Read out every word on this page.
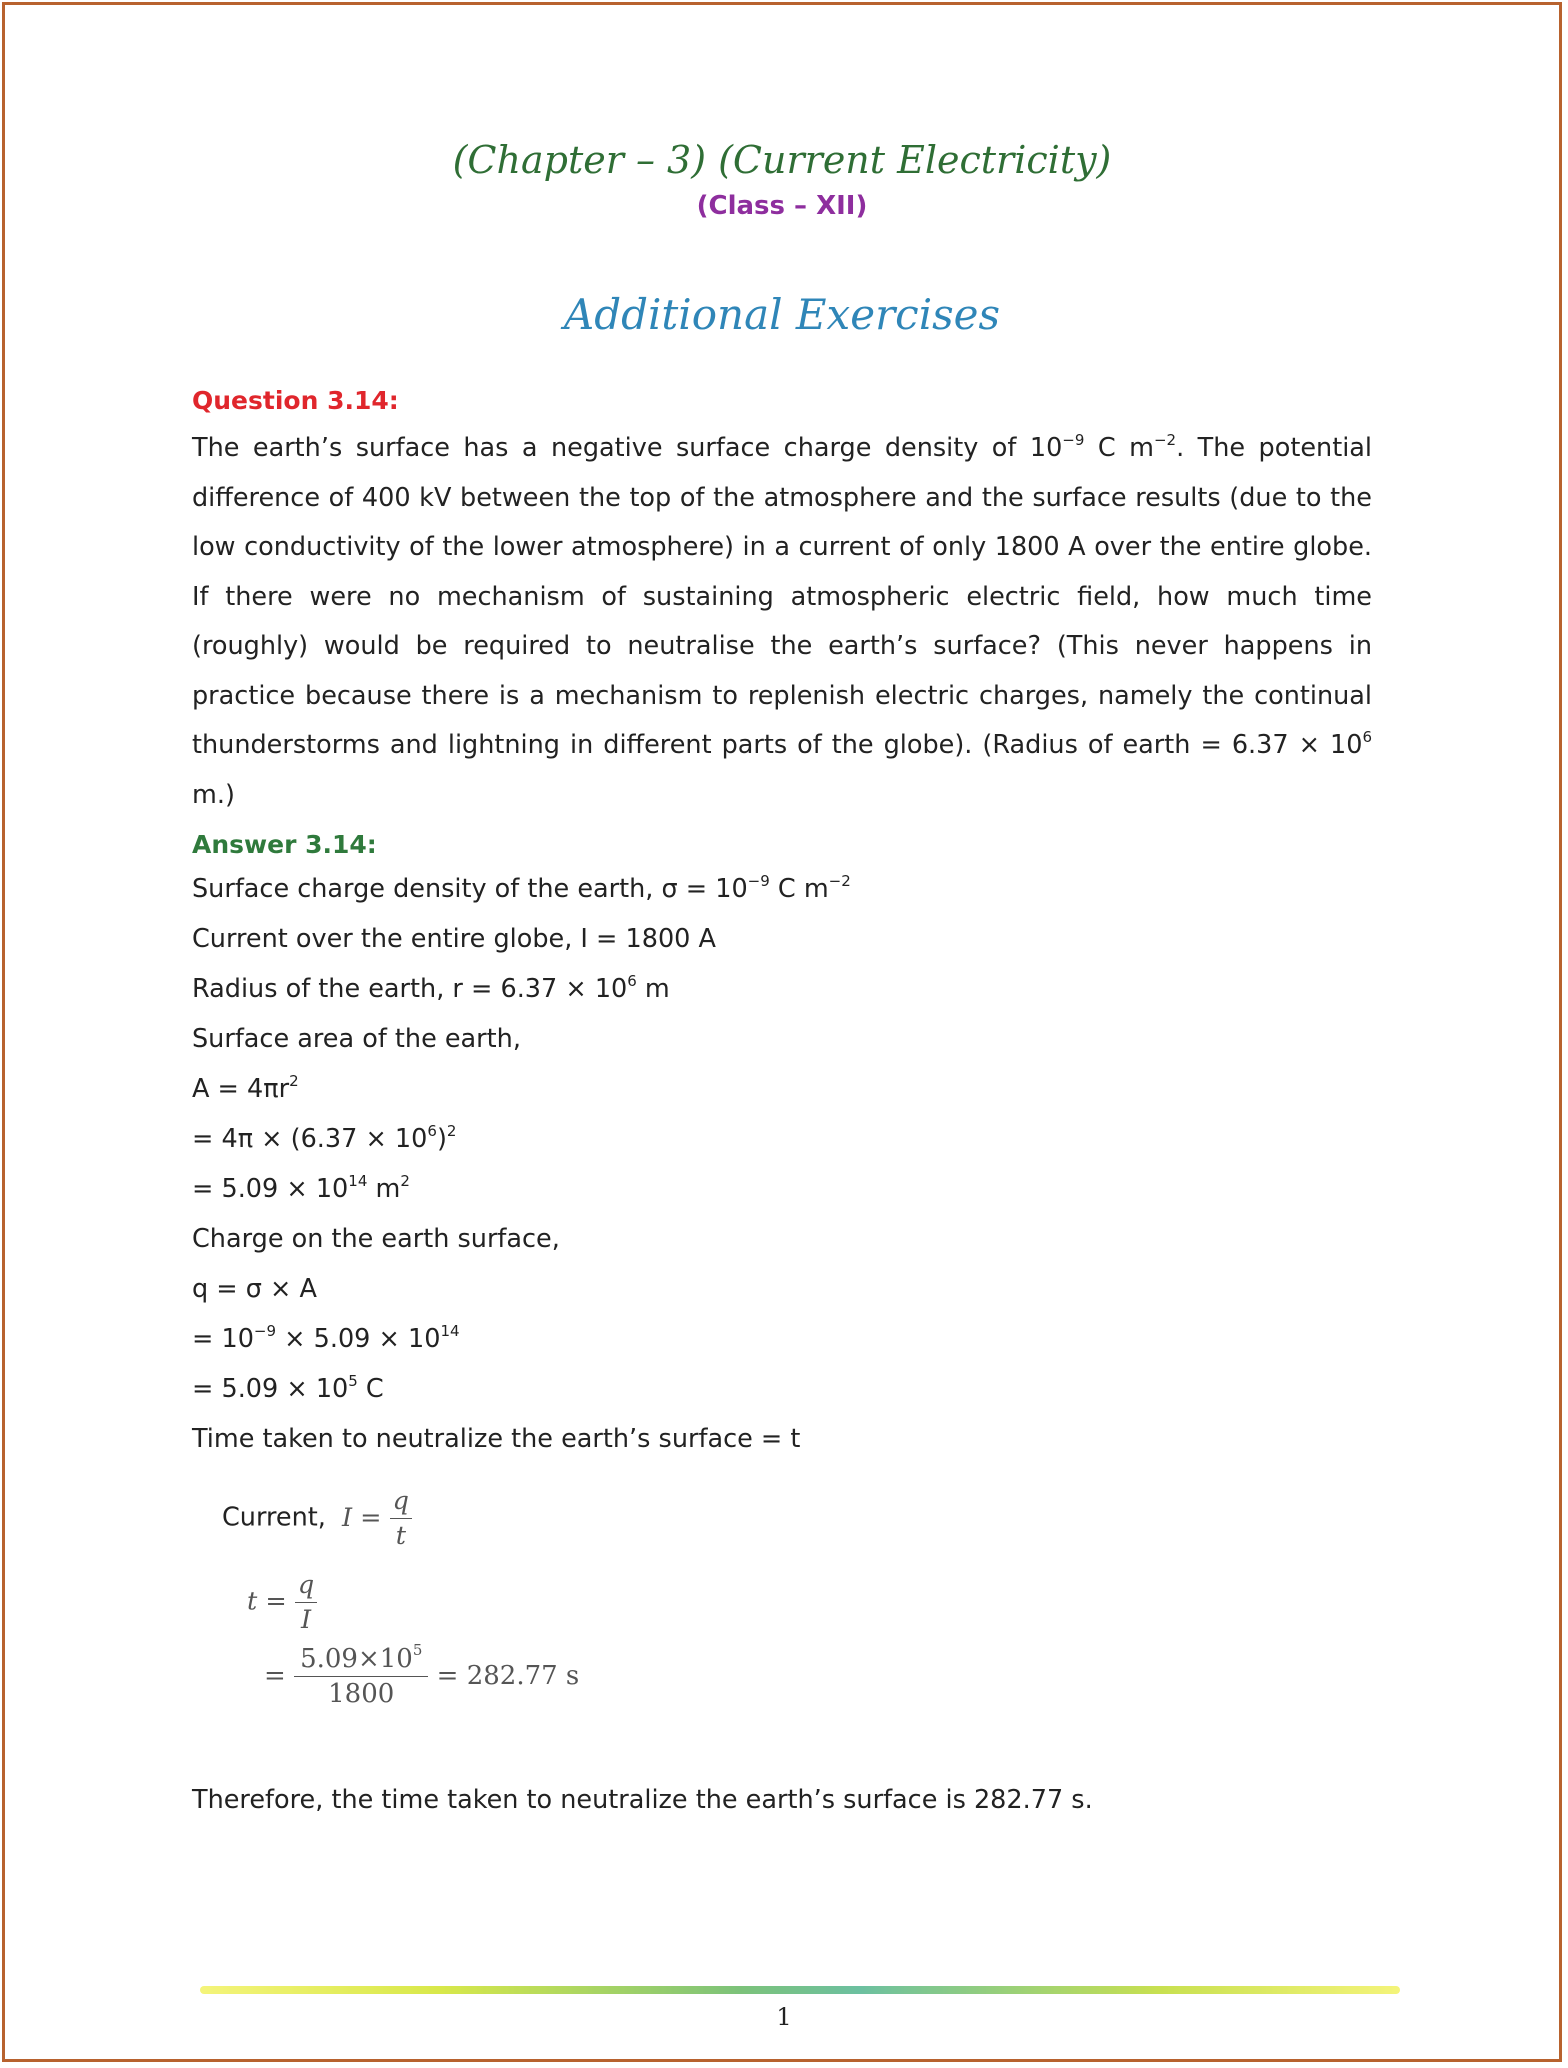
(Chapter – 3) (Current Electricity)

(Class – XII)

Additional Exercises

Question 3.14:

The earth’s surface has a negative surface charge density of $10^{-9}$ C $m^{-2}$. The potential difference of 400 kV between the top of the atmosphere and the surface results (due to the low conductivity of the lower atmosphere) in a current of only 1800 A over the entire globe. If there were no mechanism of sustaining atmospheric electric field, how much time (roughly) would be required to neutralise the earth’s surface? (This never happens in practice because there is a mechanism to replenish electric charges, namely the continual thunderstorms and lightning in different parts of the globe). (Radius of earth = $6.37 \times 10^6$ m.)

Answer 3.14:

Surface charge density of the earth, $\sigma = 10^{-9}$ C $m^{-2}$

Current over the entire globe, I = 1800 A

Radius of the earth, $r = 6.37 \times 10^6$ m

Surface area of the earth,

$A = 4\pi r^2$

= $4\pi \times (6.37 \times 10^6)^2$

= $5.09 \times 10^{14}$ $m^2$

Charge on the earth surface,

q = σ × A

= $10^{-9} \times 5.09 \times 10^{14}$

= $5.09 \times 10^5$ C

Time taken to neutralize the earth’s surface = t

Current, $I = \frac{q}{t}$
$t = \frac{q}{I}$
= $\frac{5.09\times 10^5}{1800} = 282.77$ s

Therefore, the time taken to neutralize the earth’s surface is 282.77 s.

1
